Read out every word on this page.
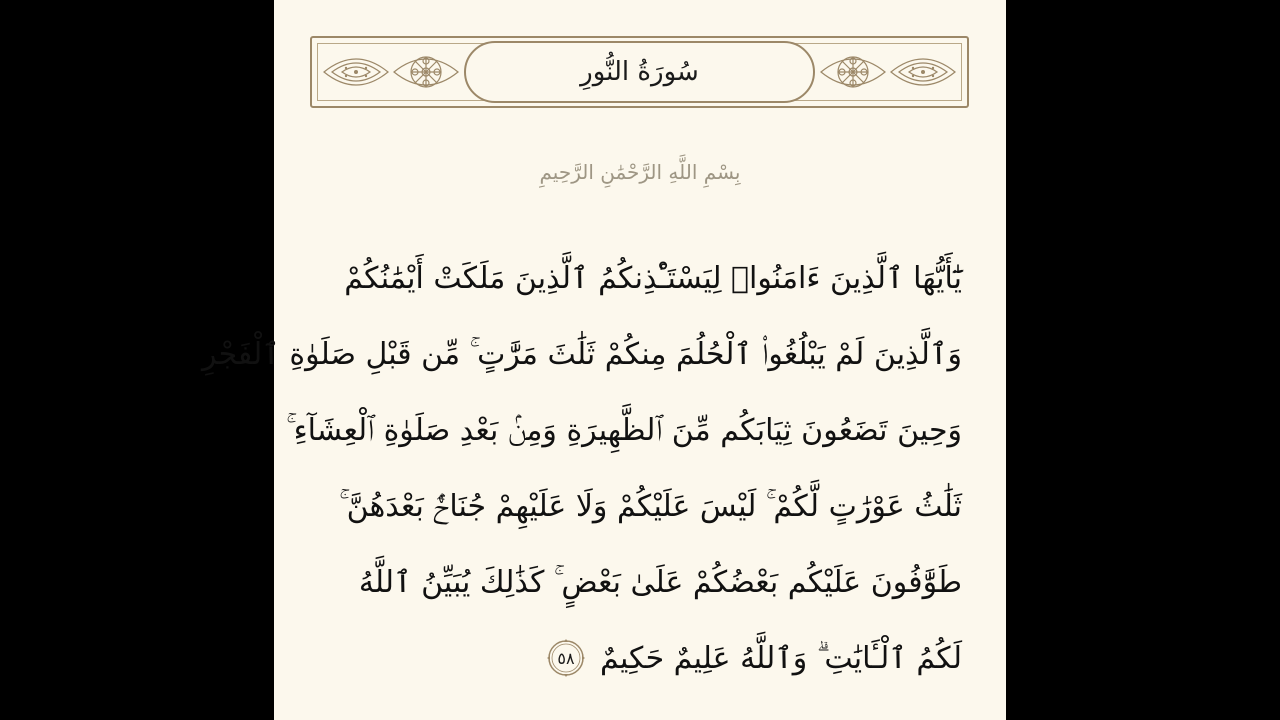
سُورَةُ النُّورِ
بِسْمِ اللَّهِ الرَّحْمَٰنِ الرَّحِيمِ
يَٰٓأَيُّهَا ٱلَّذِينَ ءَامَنُوا۟ لِيَسْتَـْٔذِنكُمُ ٱلَّذِينَ مَلَكَتْ أَيْمَٰنُكُمْ
وَٱلَّذِينَ لَمْ يَبْلُغُوا۟ ٱلْحُلُمَ مِنكُمْ ثَلَٰثَ مَرَّٰتٍ ۚ مِّن قَبْلِ صَلَوٰةِ ٱلْفَجْرِ
وَحِينَ تَضَعُونَ ثِيَابَكُم مِّنَ ٱلظَّهِيرَةِ وَمِنۢ بَعْدِ صَلَوٰةِ ٱلْعِشَآءِ ۚ
ثَلَٰثُ عَوْرَٰتٍ لَّكُمْ ۚ لَيْسَ عَلَيْكُمْ وَلَا عَلَيْهِمْ جُنَاحٌۢ بَعْدَهُنَّ ۚ
طَوَّٰفُونَ عَلَيْكُم بَعْضُكُمْ عَلَىٰ بَعْضٍ ۚ كَذَٰلِكَ يُبَيِّنُ ٱللَّهُ
لَكُمُ ٱلْـَٔايَٰتِ ۗ وَٱللَّهُ عَلِيمٌ حَكِيمٌ
٥٨
